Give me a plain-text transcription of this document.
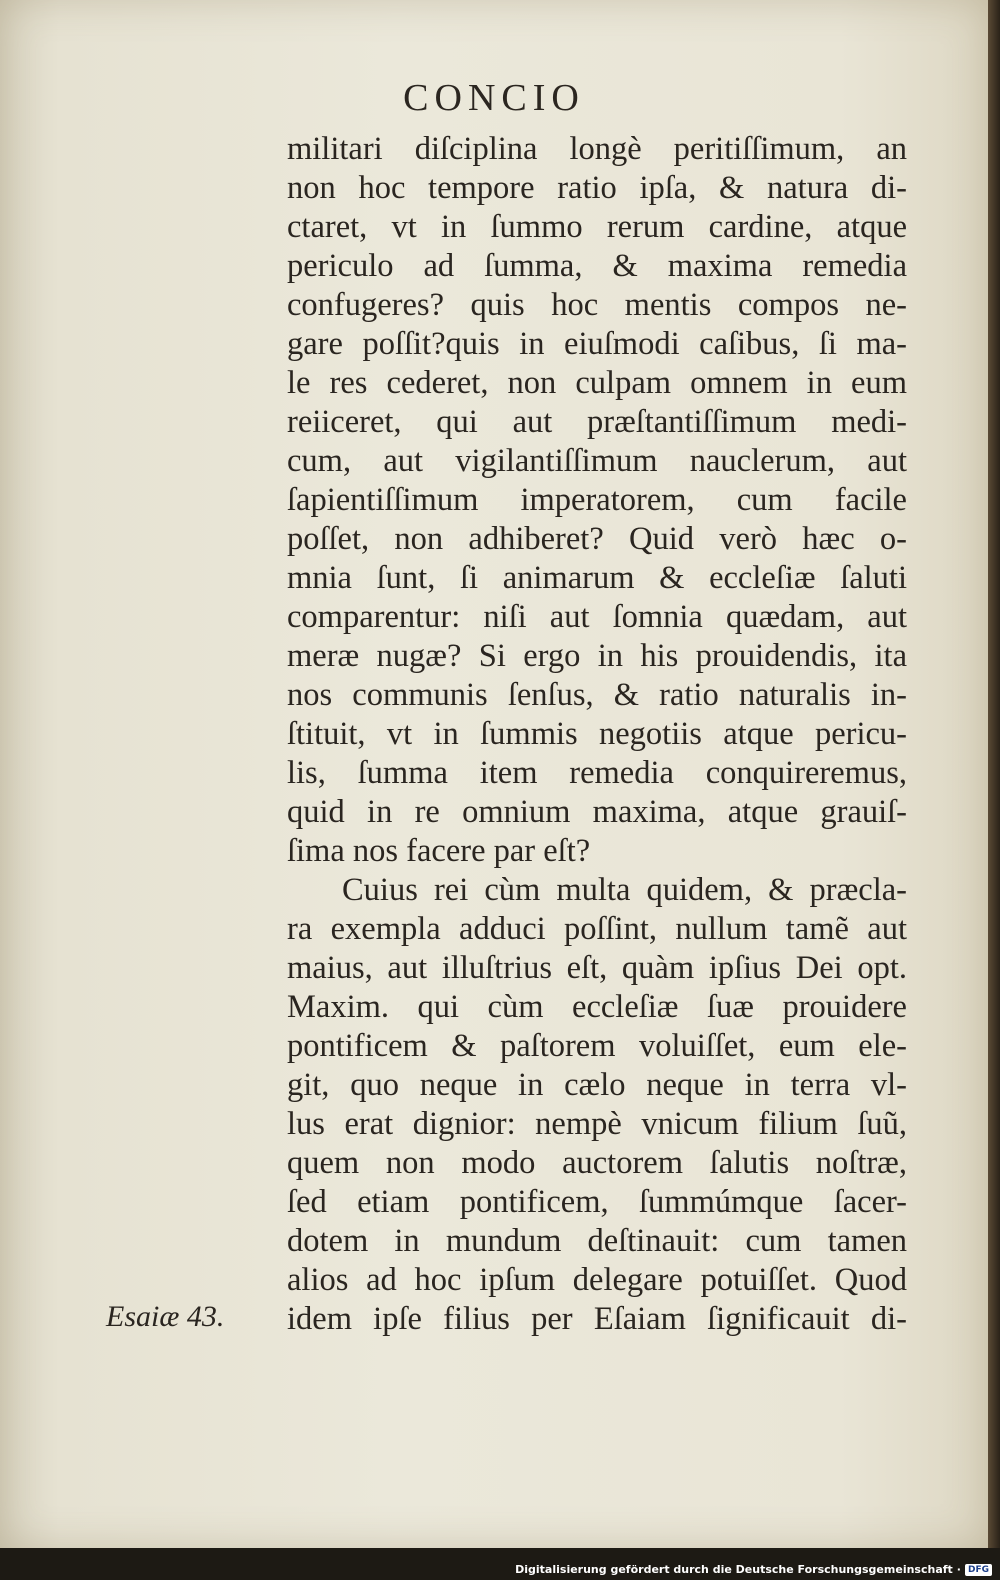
CONCIO
militari diſciplina longè peritiſſimum, an
non hoc tempore ratio ipſa, & natura di-
ctaret, vt in ſummo rerum cardine, atque
periculo ad ſumma, & maxima remedia
confugeres? quis hoc mentis compos ne-
gare poſſit?quis in eiuſmodi caſibus, ſi ma-
le res cederet, non culpam omnem in eum
reiiceret, qui aut præſtantiſſimum medi-
cum, aut vigilantiſſimum nauclerum, aut
ſapientiſſimum imperatorem, cum facile
poſſet, non adhiberet? Quid verò hæc o-
mnia ſunt, ſi animarum & eccleſiæ ſaluti
comparentur: niſi aut ſomnia quædam, aut
meræ nugæ? Si ergo in his prouidendis, ita
nos communis ſenſus, & ratio naturalis in-
ſtituit, vt in ſummis negotiis atque pericu-
lis, ſumma item remedia conquireremus,
quid in re omnium maxima, atque grauiſ-
ſima nos facere par eſt?
Cuius rei cùm multa quidem, & præcla-
ra exempla adduci poſſint, nullum tamẽ aut
maius, aut illuſtrius eſt, quàm ipſius Dei opt.
Maxim. qui cùm eccleſiæ ſuæ prouidere
pontificem & paſtorem voluiſſet, eum ele-
git, quo neque in cælo neque in terra vl-
lus erat dignior: nempè vnicum filium ſuũ,
quem non modo auctorem ſalutis noſtræ,
ſed etiam pontificem, ſummúmque ſacer-
dotem in mundum deſtinauit: cum tamen
alios ad hoc ipſum delegare potuiſſet. Quod
idem ipſe filius per Eſaiam ſignificauit di-
Esaiæ 43.
Digitalisierung gefördert durch die Deutsche Forschungsgemeinschaft · DFG
